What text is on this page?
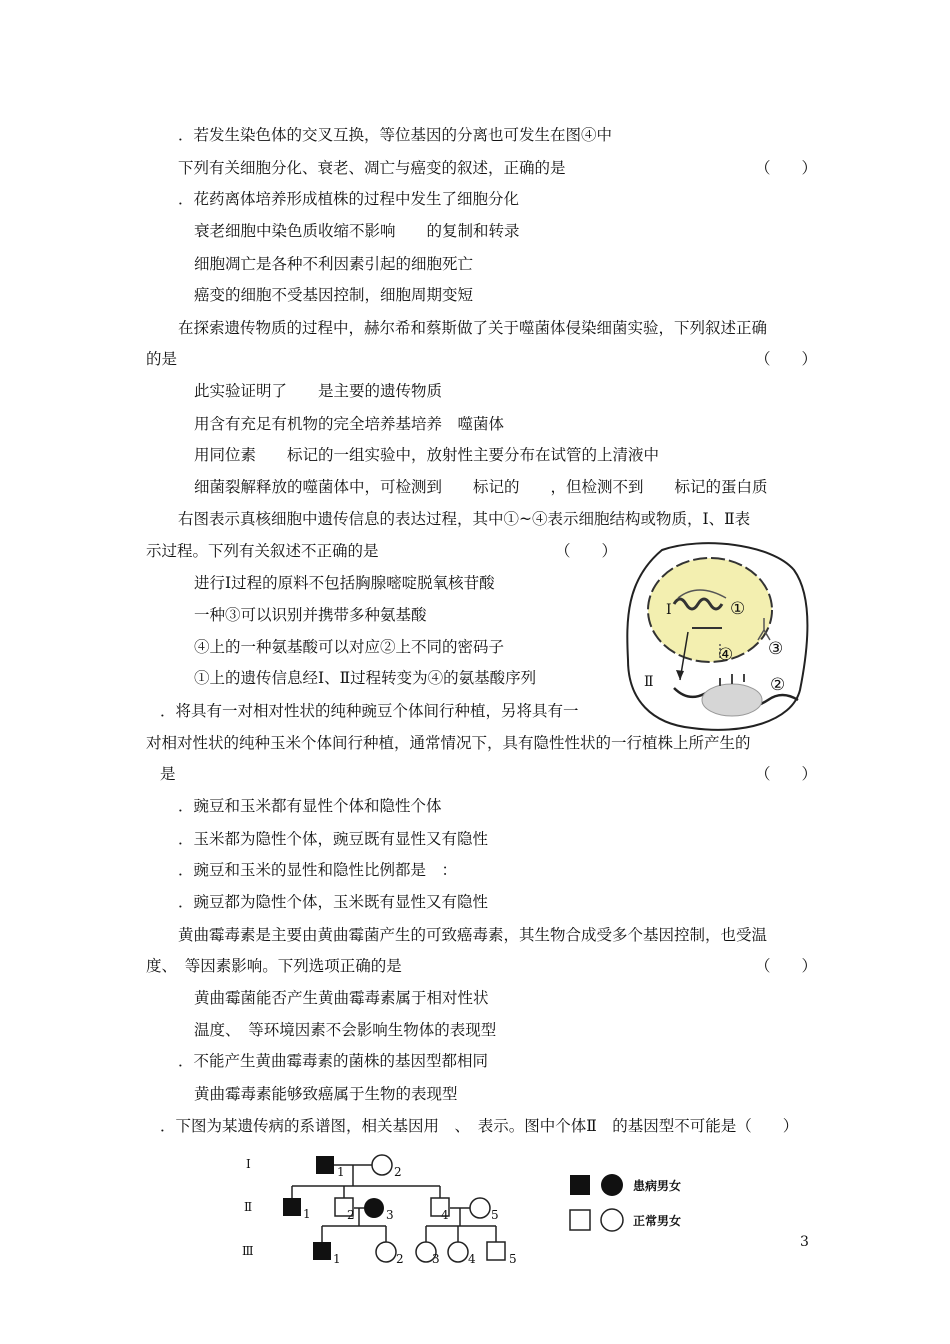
．若发生染色体的交叉互换，等位基因的分离也可发生在图④中
下列有关细胞分化、衰老、凋亡与癌变的叙述，正确的是	（　　）
．花药离体培养形成植株的过程中发生了细胞分化
衰老细胞中染色质收缩不影响　　的复制和转录
细胞凋亡是各种不利因素引起的细胞死亡
癌变的细胞不受基因控制，细胞周期变短
在探索遗传物质的过程中，赫尔希和蔡斯做了关于噬菌体侵染细菌实验，下列叙述正确
的是	（　　）
此实验证明了　　是主要的遗传物质
用含有充足有机物的完全培养基培养　噬菌体
用同位素　　标记的一组实验中，放射性主要分布在试管的上清液中
细菌裂解释放的噬菌体中，可检测到　　标记的　　，但检测不到　　标记的蛋白质
右图表示真核细胞中遗传信息的表达过程，其中①~④表示细胞结构或物质，Ⅰ、Ⅱ表
示过程。下列有关叙述不正确的是	（　　）
进行Ⅰ过程的原料不包括胸腺嘧啶脱氧核苷酸
一种③可以识别并携带多种氨基酸
④上的一种氨基酸可以对应②上不同的密码子
①上的遗传信息经Ⅰ、Ⅱ过程转变为④的氨基酸序列
．将具有一对相对性状的纯种豌豆个体间行种植，另将具有一
对相对性状的纯种玉米个体间行种植，通常情况下，具有隐性性状的一行植株上所产生的
是	（　　）
．豌豆和玉米都有显性个体和隐性个体
．玉米都为隐性个体，豌豆既有显性又有隐性
．豌豆和玉米的显性和隐性比例都是　：
．豌豆都为隐性个体，玉米既有显性又有隐性
黄曲霉毒素是主要由黄曲霉菌产生的可致癌毒素，其生物合成受多个基因控制，也受温
度、　等因素影响。下列选项正确的是	（　　）
黄曲霉菌能否产生黄曲霉毒素属于相对性状
温度、　等环境因素不会影响生物体的表现型
．不能产生黄曲霉毒素的菌株的基因型都相同
黄曲霉毒素能够致癌属于生物的表现型
．下图为某遗传病的系谱图，相关基因用　、　表示。图中个体Ⅱ　的基因型不可能是（　　）
Ⅰ
Ⅱ
①
②
③
④
Ⅰ
Ⅱ
Ⅲ
1	2
1	2	3	4	5
1	2 3 4	5
患病男女
正常男女
3
